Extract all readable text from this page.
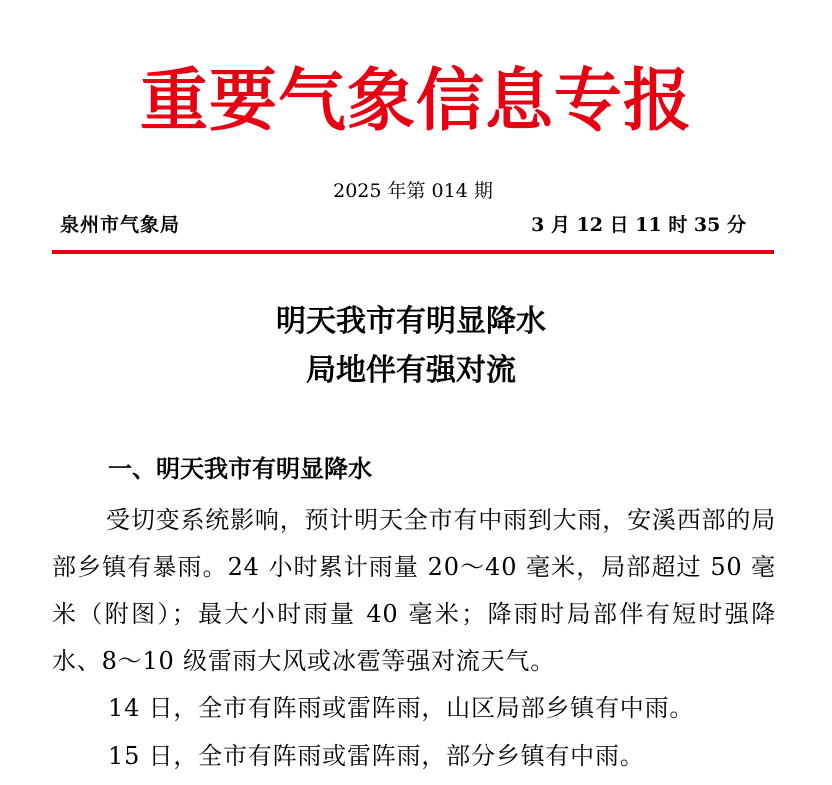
重要气象信息专报
2025 年第 014 期
泉州市气象局	3 月 12 日 11 时 35 分
明天我市有明显降水
局地伴有强对流
一、明天我市有明显降水

受切变系统影响，预计明天全市有中雨到大雨，安溪西部的局部乡镇有暴雨。24 小时累计雨量 20～40 毫米，局部超过 50 毫米（附图）；最大小时雨量 40 毫米；降雨时局部伴有短时强降水、8～10 级雷雨大风或冰雹等强对流天气。

14 日，全市有阵雨或雷阵雨，山区局部乡镇有中雨。

15 日，全市有阵雨或雷阵雨，部分乡镇有中雨。
